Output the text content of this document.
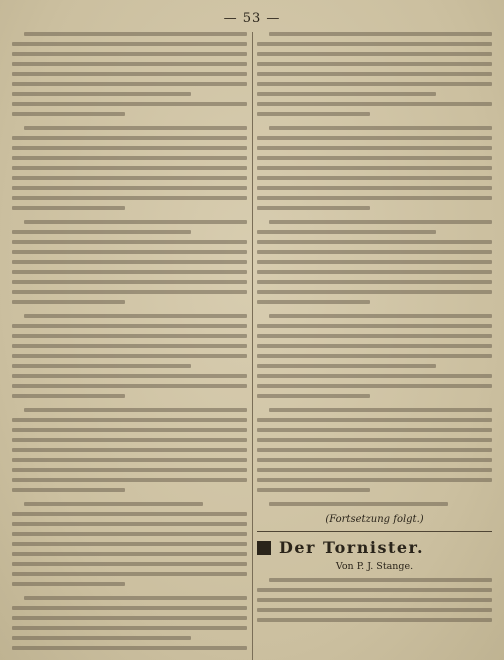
— 53 —
(Fortsetzung folgt.)
Der Tornister.
Von P. J. Stange.
